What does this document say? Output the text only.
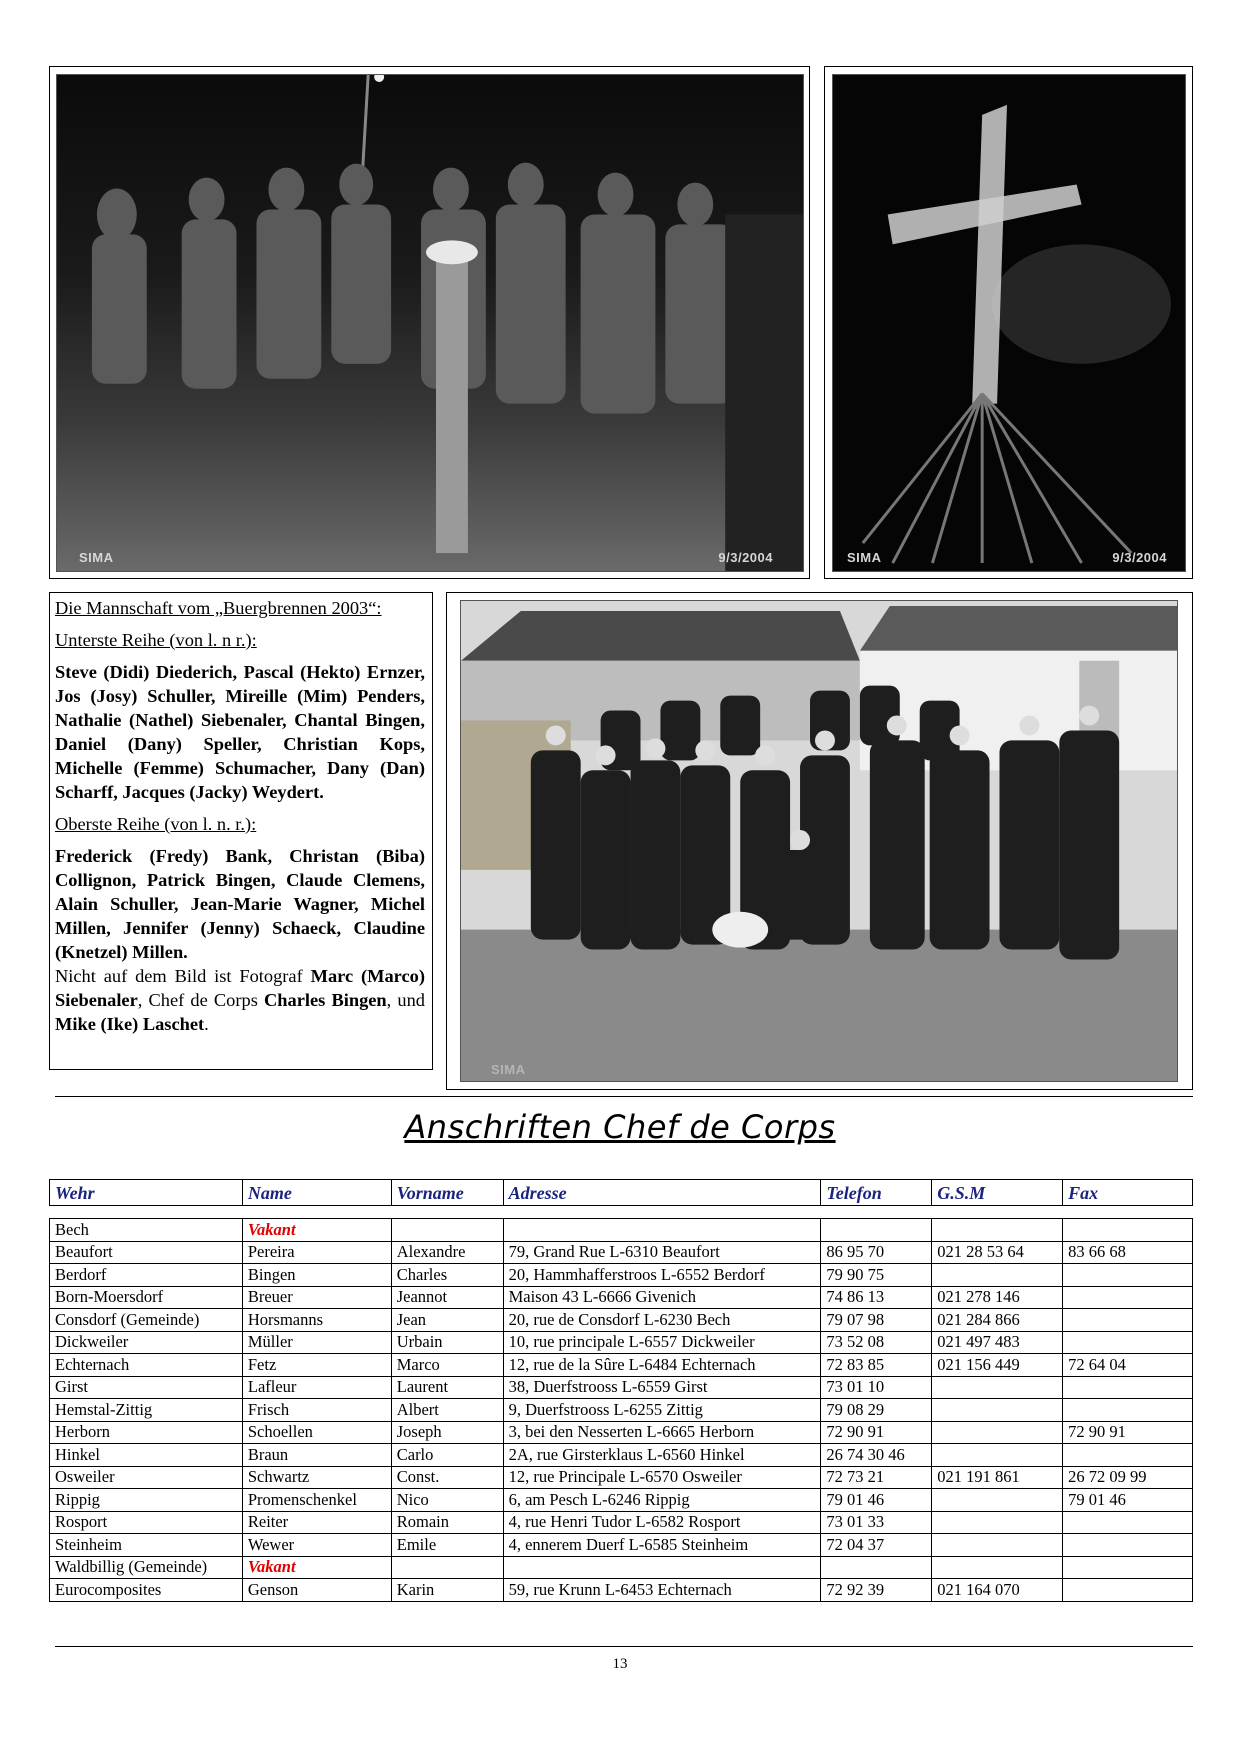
SIMA	9/3/2004	SIMA	9/3/2004

Die Mannschaft vom „Buergbrennen 2003“:

Unterste Reihe (von l. n r.):

Steve (Didi) Diederich, Pascal (Hekto) Ernzer, Jos (Josy) Schuller, Mireille (Mim) Penders, Nathalie (Nathel) Siebenaler, Chantal Bingen, Daniel (Dany) Speller, Christian Kops, Michelle (Femme) Schumacher, Dany (Dan) Scharff, Jacques (Jacky) Weydert.

Oberste Reihe (von l. n. r.):

Frederick (Fredy) Bank, Christan (Biba) Collignon, Patrick Bingen, Claude Clemens, Alain Schuller, Jean-Marie Wagner, Michel Millen, Jennifer (Jenny) Schaeck, Claudine (Knetzel) Millen.

Nicht auf dem Bild ist Fotograf Marc (Marco) Siebenaler, Chef de Corps Charles Bingen, und Mike (Ike) Laschet.

SIMA
Anschriften Chef de Corps
Wehr	Name	Vorname	Adresse	Telefon	G.S.M	Fax

Bech	Vakant					
Beaufort	Pereira	Alexandre	79, Grand Rue L-6310 Beaufort	86 95 70	021 28 53 64	83 66 68
Berdorf	Bingen	Charles	20, Hammhafferstroos L-6552 Berdorf	79 90 75		
Born-Moersdorf	Breuer	Jeannot	Maison 43 L-6666 Givenich	74 86 13	021 278 146	
Consdorf (Gemeinde)	Horsmanns	Jean	20, rue de Consdorf L-6230 Bech	79 07 98	021 284 866	
Dickweiler	Müller	Urbain	10, rue principale L-6557 Dickweiler	73 52 08	021 497 483	
Echternach	Fetz	Marco	12, rue de la Sûre L-6484 Echternach	72 83 85	021 156 449	72 64 04
Girst	Lafleur	Laurent	38, Duerfstrooss L-6559 Girst	73 01 10		
Hemstal-Zittig	Frisch	Albert	9, Duerfstrooss L-6255 Zittig	79 08 29		
Herborn	Schoellen	Joseph	3, bei den Nesserten L-6665 Herborn	72 90 91		72 90 91
Hinkel	Braun	Carlo	2A, rue Girsterklaus L-6560 Hinkel	26 74 30 46		
Osweiler	Schwartz	Const.	12, rue Principale L-6570 Osweiler	72 73 21	021 191 861	26 72 09 99
Rippig	Promenschenkel	Nico	6, am Pesch L-6246 Rippig	79 01 46		79 01 46
Rosport	Reiter	Romain	4, rue Henri Tudor L-6582 Rosport	73 01 33		
Steinheim	Wewer	Emile	4, ennerem Duerf L-6585 Steinheim	72 04 37		
Waldbillig (Gemeinde)	Vakant					
Eurocomposites	Genson	Karin	59, rue Krunn L-6453 Echternach	72 92 39	021 164 070	
13
